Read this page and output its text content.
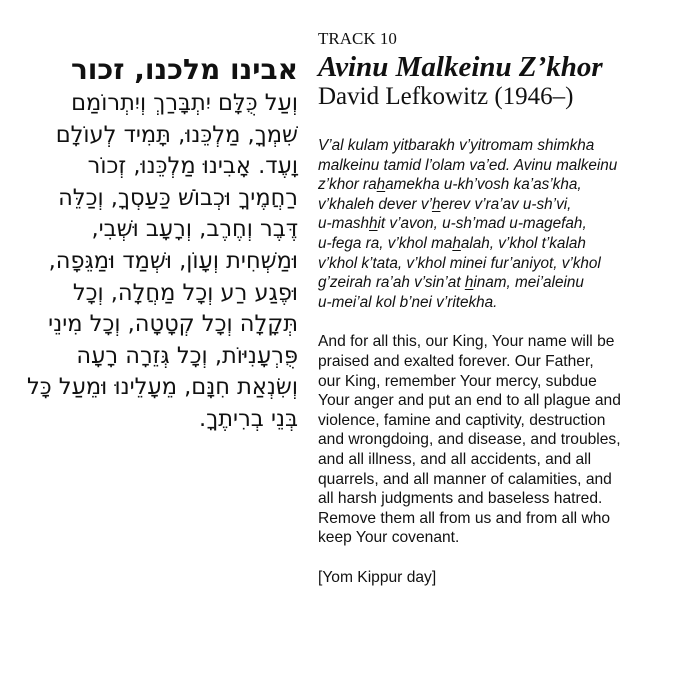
אבינו מלכנו, זכור
וְעַל כֻּלָּם יִתְבָּרַךְ וְיִתְרוֹמַם
שִׁמְךָ, מַלְכֵּנוּ, תָּמִיד לְעוֹלָם
וָעֶד. אָבִינוּ מַלְכֵּנוּ, זְכוֹר
רַחֲמֶיךָ וּכְבוֹשׁ כַּעַסְךָ, וְכַלֵּה
דֶּבֶר וְחֶרֶב, וְרָעָב וּשְׁבִי,
וּמַשְׁחִית וְעָוֹן, וּשְׁמַד וּמַגֵּפָה,
וּפֶגַע רַע וְכָל מַחֲלָה, וְכָל
תְּקָלָה וְכָל קְטָטָה, וְכָל מִינֵי
פֻּרְעָנִיּוֹת, וְכָל גְּזֵרָה רָעָה
וְשִׂנְאַת חִנָּם, מֵעָלֵינוּ וּמֵעַל כָּל
בְּנֵי בְרִיתֶךָ.
TRACK 10
Avinu Malkeinu Z’khor
David Lefkowitz (1946–)
V’al kulam yitbarakh v’yitromam shimkha
malkeinu tamid l’olam va’ed. Avinu malkeinu
z’khor rahamekha u-kh’vosh ka’as’kha,
v’khaleh dever v’herev v’ra’av u-sh’vi,
u-mashhit v’avon, u-sh’mad u-magefah,
u-fega ra, v’khol mahalah, v’khol t’kalah
v’khol k’tata, v’khol minei fur’aniyot, v’khol
g’zeirah ra’ah v’sin’at hinam, mei’aleinu
u-mei’al kol b’nei v’ritekha.
And for all this, our King, Your name will be
praised and exalted forever. Our Father,
our King, remember Your mercy, subdue
Your anger and put an end to all plague and
violence, famine and captivity, destruction
and wrongdoing, and disease, and troubles,
and all illness, and all accidents, and all
quarrels, and all manner of calamities, and
all harsh judgments and baseless hatred.
Remove them all from us and from all who
keep Your covenant.
[Yom Kippur day]
